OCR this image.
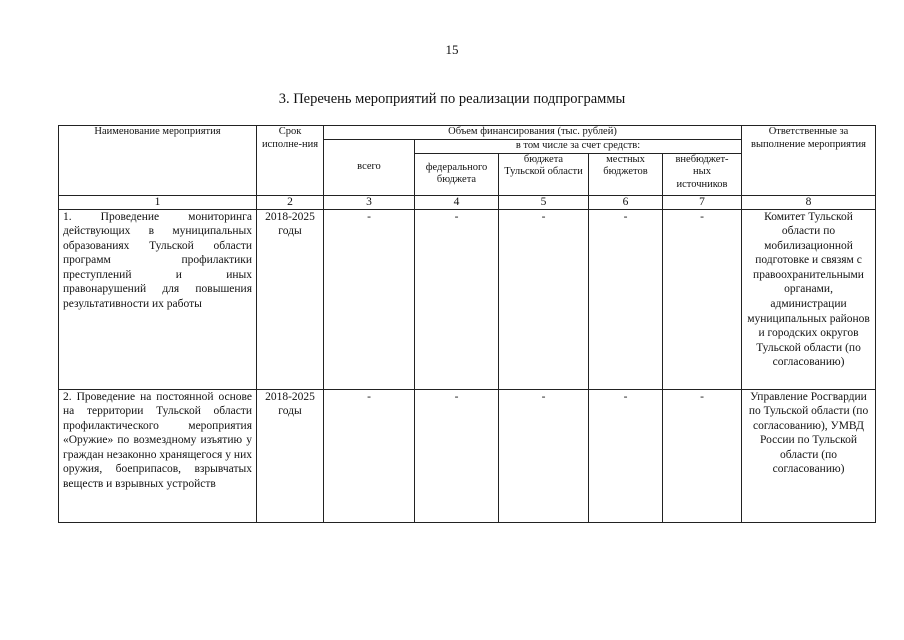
15
3. Перечень мероприятий по реализации подпрограммы
Наименование мероприятия	Срок исполне-ния	Объем финансирования (тыс. рублей)					Ответственные за выполнение мероприятия
		всего	в том числе за счет средств:				
			федерального бюджета	бюджета Тульской области	местных бюджетов	внебюджет-ных источников	
1	2	3	4	5	6	7	8
1. Проведение мониторинга действующих в муниципальных образованиях Тульской области программ профилактики преступлений и иных правонарушений для повышения результативности их работы	2018-2025 годы	-	-	-	-	-	Комитет Тульской области по мобилизационной подготовке и связям с правоохранительными органами, администрации муниципальных районов и городских округов Тульской области (по согласованию)
2. Проведение на постоянной основе на территории Тульской области профилактического мероприятия «Оружие» по возмездному изъятию у граждан незаконно хранящегося у них оружия, боеприпасов, взрывчатых веществ и взрывных устройств	2018-2025 годы	-	-	-	-	-	Управление Росгвардии по Тульской области (по согласованию), УМВД России по Тульской области (по согласованию)
